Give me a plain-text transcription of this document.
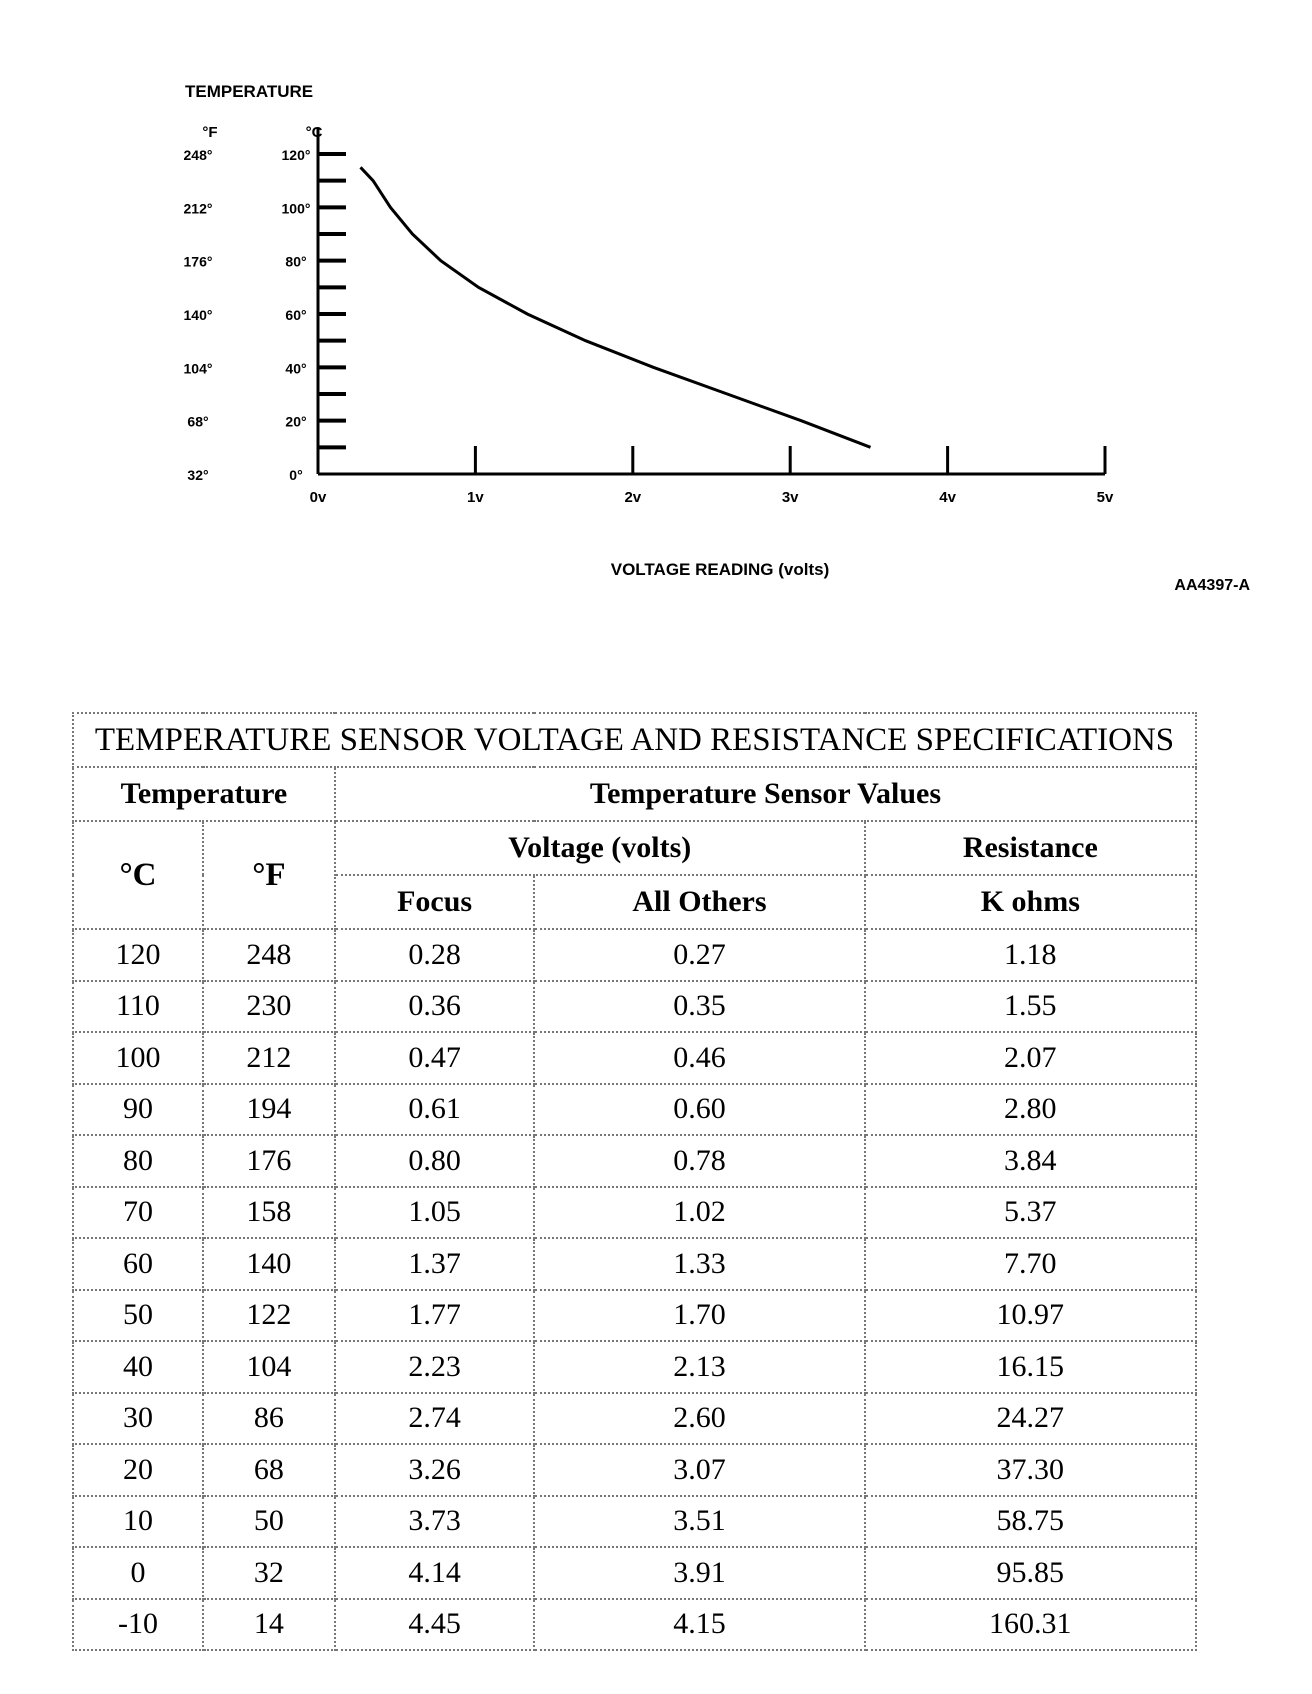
TEMPERATURE
°F	°C
248°	120°
212°	100°
176°	80°
140°	60°
104°	40°
68°	20°
32°	0°
0v	1v	2v	3v	4v	5v
VOLTAGE READING (volts)
AA4397-A
TEMPERATURE SENSOR VOLTAGE AND RESISTANCE SPECIFICATIONS				
Temperature		Temperature Sensor Values		
°C	°F	Voltage (volts)		Resistance
		Focus	All Others	K ohms
120	248	0.28	0.27	1.18
110	230	0.36	0.35	1.55
100	212	0.47	0.46	2.07
90	194	0.61	0.60	2.80
80	176	0.80	0.78	3.84
70	158	1.05	1.02	5.37
60	140	1.37	1.33	7.70
50	122	1.77	1.70	10.97
40	104	2.23	2.13	16.15
30	86	2.74	2.60	24.27
20	68	3.26	3.07	37.30
10	50	3.73	3.51	58.75
0	32	4.14	3.91	95.85
-10	14	4.45	4.15	160.31
